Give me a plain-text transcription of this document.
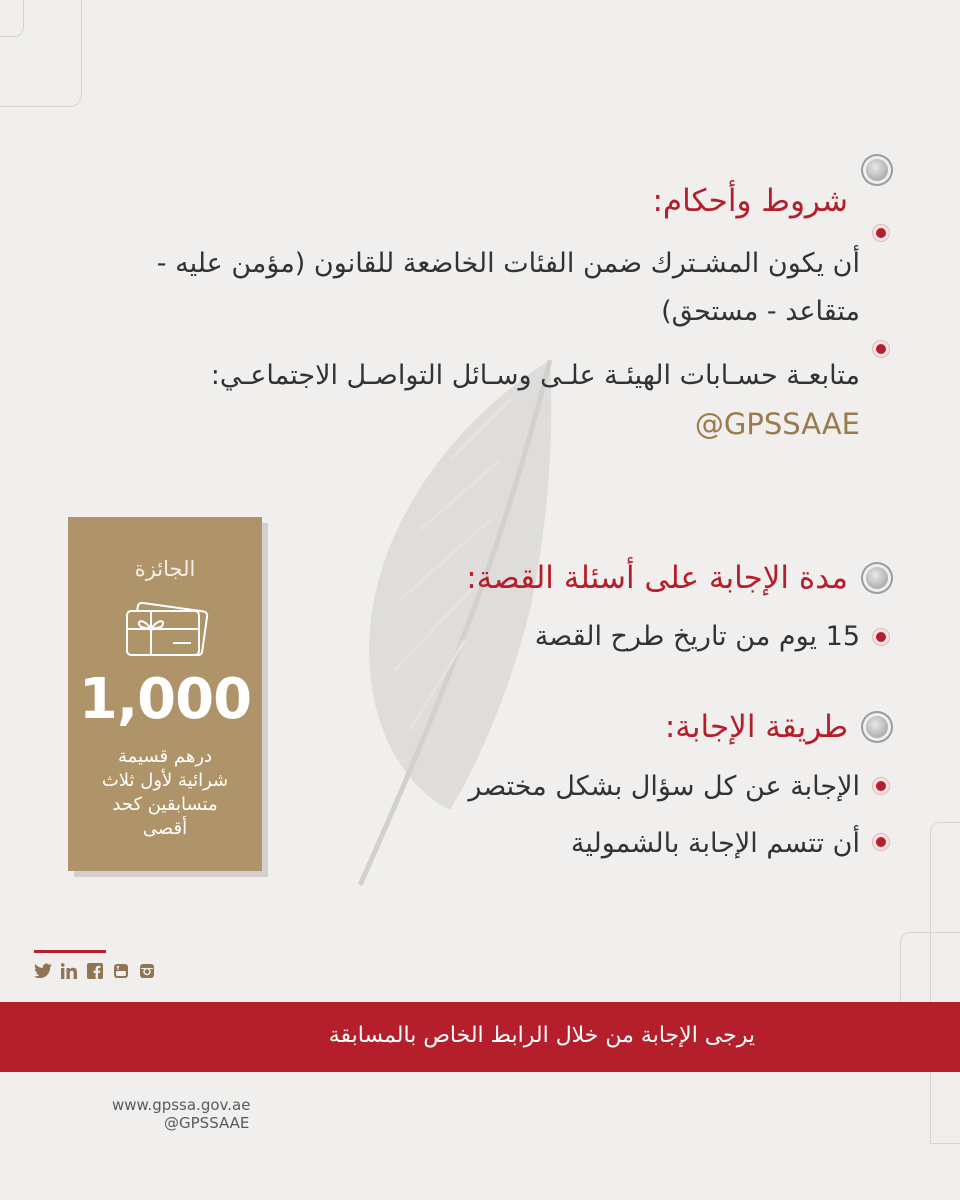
شروط وأحكام:
أن يكون المشـترك ضمن الفئات الخاضعة للقانون (مؤمن عليه -
متقاعد - مستحق)
متابعـة حسـابات الهيئـة علـى وسـائل التواصـل الاجتماعـي:
@GPSSAAE
مدة الإجابة على أسئلة القصة:
15 يوم من تاريخ طرح القصة
طريقة الإجابة:
الإجابة عن كل سؤال بشكل مختصر
أن تتسم الإجابة بالشمولية
الجائزة
1,000
درهم قسيمة
شرائية لأول ثلاث
متسابقين كحد
أقصى
يرجى الإجابة من خلال الرابط الخاص بالمسابقة
www.gpssa.gov.ae
@GPSSAAE
